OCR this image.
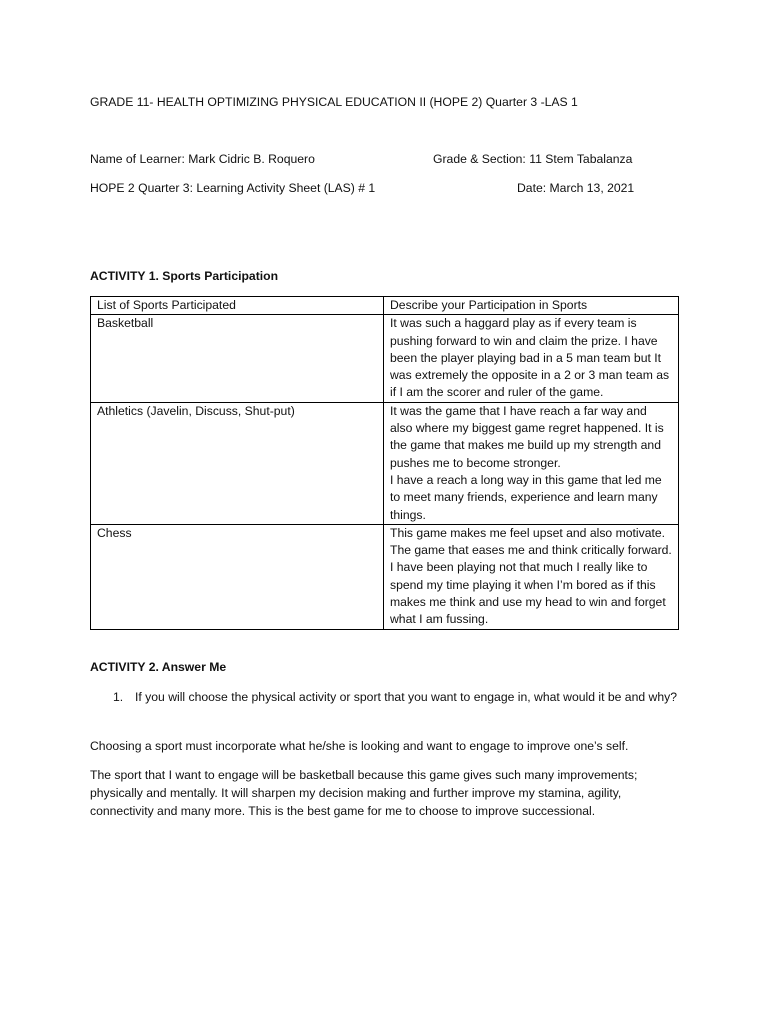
GRADE 11- HEALTH OPTIMIZING PHYSICAL EDUCATION II (HOPE 2) Quarter 3 -LAS 1
Name of Learner: Mark Cidric B. Roquero	Grade & Section: 11 Stem Tabalanza
HOPE 2 Quarter 3: Learning Activity Sheet (LAS) # 1	Date: March 13, 2021
ACTIVITY 1. Sports Participation
List of Sports Participated	Describe your Participation in Sports
Basketball	It was such a haggard play as if every team is pushing forward to win and claim the prize. I have been the player playing bad in a 5 man team but It was extremely the opposite in a 2 or 3 man team as if I am the scorer and ruler of the game.
Athletics (Javelin, Discuss, Shut-put)	It was the game that I have reach a far way and also where my biggest game regret happened. It is the game that makes me build up my strength and pushes me to become stronger.
I have a reach a long way in this game that led me to meet many friends, experience and learn many things.

Chess	This game makes me feel upset and also motivate. The game that eases me and think critically forward. I have been playing not that much I really like to spend my time playing it when I’m bored as if this makes me think and use my head to win and forget what I am fussing.
ACTIVITY 2. Answer Me
1. If you will choose the physical activity or sport that you want to engage in, what would it be and why?
Choosing a sport must incorporate what he/she is looking and want to engage to improve one’s self.
The sport that I want to engage will be basketball because this game gives such many improvements; physically and mentally. It will sharpen my decision making and further improve my stamina, agility, connectivity and many more. This is the best game for me to choose to improve successional.
